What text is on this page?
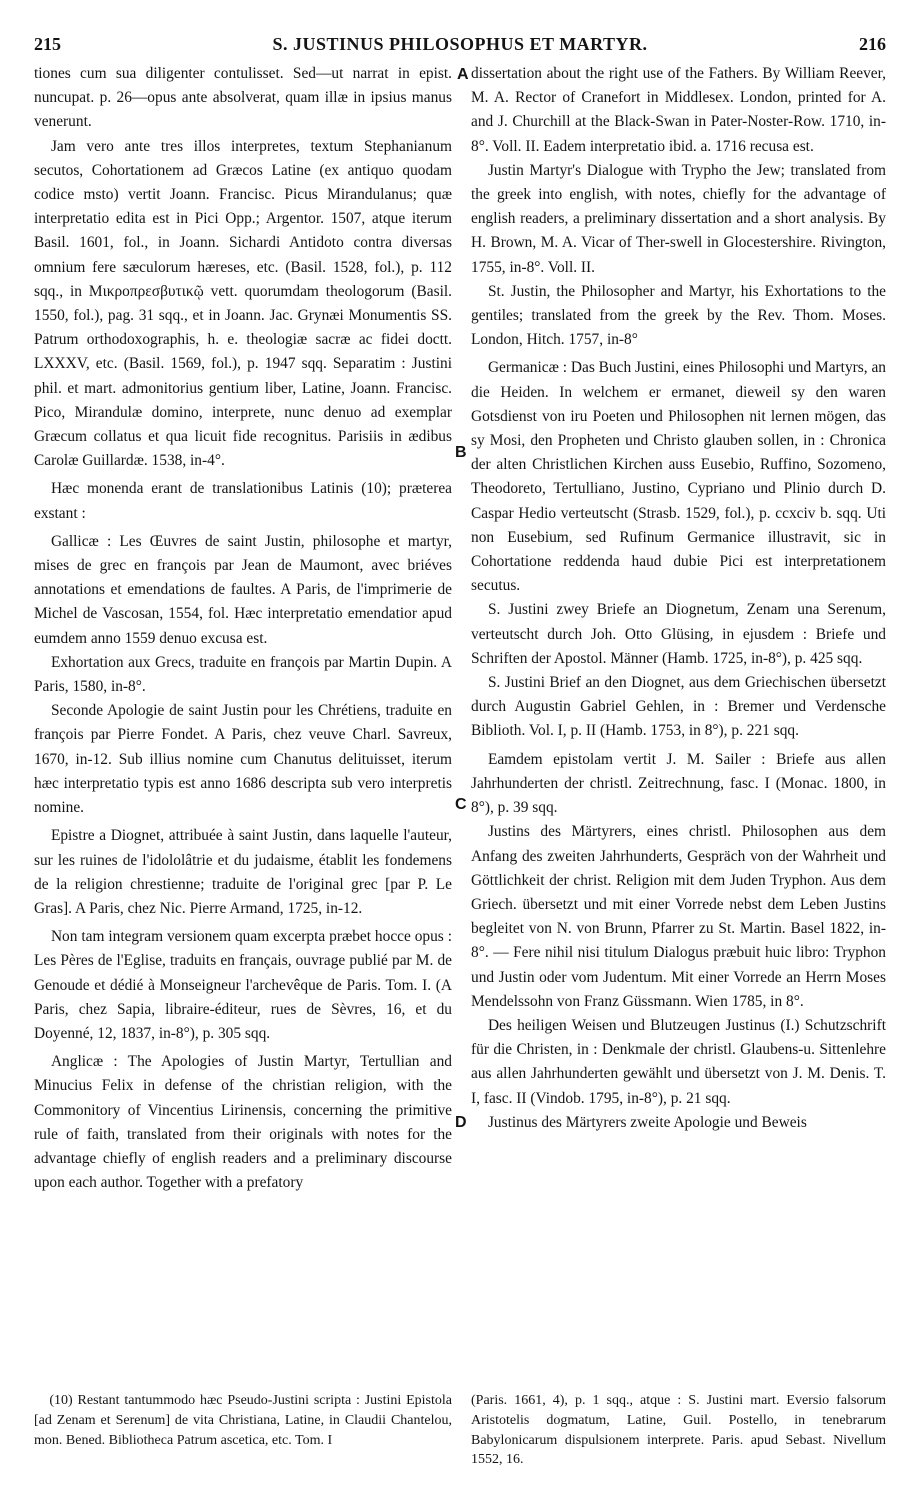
215	S. JUSTINUS PHILOSOPHUS ET MARTYR.	216

tiones cum sua diligenter contulisset. Sed—ut narrat in epist. nuncupat. p. 26—opus ante absolverat, quam illæ in ipsius manus venerunt.

Jam vero ante tres illos interpretes, textum Stephanianum secutos, Cohortationem ad Græcos Latine (ex antiquo quodam codice msto) vertit Joann. Francisc. Picus Mirandulanus; quæ interpretatio edita est in Pici Opp.; Argentor. 1507, atque iterum Basil. 1601, fol., in Joann. Sichardi Antidoto contra diversas omnium fere sæculorum hæreses, etc. (Basil. 1528, fol.), p. 112 sqq., in Μικροπρεσβυτικῷ vett. quorumdam theologorum (Basil. 1550, fol.), pag. 31 sqq., et in Joann. Jac. Grynæi Monumentis SS. Patrum orthodoxographis, h. e. theologiæ sacræ ac fidei doctt. LXXXV, etc. (Basil. 1569, fol.), p. 1947 sqq. Separatim : Justini phil. et mart. admonitorius gentium liber, Latine, Joann. Francisc. Pico, Mirandulæ domino, interprete, nunc denuo ad exemplar Græcum collatus et qua licuit fide recognitus. Parisiis in ædibus Carolæ Guillardæ. 1538, in-4°.

Hæc monenda erant de translationibus Latinis (10); præterea exstant :

Gallicæ : Les Œuvres de saint Justin, philosophe et martyr, mises de grec en françois par Jean de Maumont, avec briéves annotations et emendations de faultes. A Paris, de l'imprimerie de Michel de Vascosan, 1554, fol. Hæc interpretatio emendatior apud eumdem anno 1559 denuo excusa est.

Exhortation aux Grecs, traduite en françois par Martin Dupin. A Paris, 1580, in-8°.

Seconde Apologie de saint Justin pour les Chrétiens, traduite en françois par Pierre Fondet. A Paris, chez veuve Charl. Savreux, 1670, in-12. Sub illius nomine cum Chanutus delituisset, iterum hæc interpretatio typis est anno 1686 descripta sub vero interpretis nomine.

Epistre a Diognet, attribuée à saint Justin, dans laquelle l'auteur, sur les ruines de l'idololâtrie et du judaisme, établit les fondemens de la religion chrestienne; traduite de l'original grec [par P. Le Gras]. A Paris, chez Nic. Pierre Armand, 1725, in-12.

Non tam integram versionem quam excerpta præbet hocce opus : Les Pères de l'Eglise, traduits en français, ouvrage publié par M. de Genoude et dédié à Monseigneur l'archevêque de Paris. Tom. I. (A Paris, chez Sapia, libraire-éditeur, rues de Sèvres, 16, et du Doyenné, 12, 1837, in-8°), p. 305 sqq.

Anglicæ : The Apologies of Justin Martyr, Tertullian and Minucius Felix in defense of the christian religion, with the Commonitory of Vincentius Lirinensis, concerning the primitive rule of faith, translated from their originals with notes for the advantage chiefly of english readers and a preliminary discourse upon each author. Together with a prefatory

A
B
C
D

dissertation about the right use of the Fathers. By William Reever, M. A. Rector of Cranefort in Middlesex. London, printed for A. and J. Churchill at the Black-Swan in Pater-Noster-Row. 1710, in-8°. Voll. II. Eadem interpretatio ibid. a. 1716 recusa est.

Justin Martyr's Dialogue with Trypho the Jew; translated from the greek into english, with notes, chiefly for the advantage of english readers, a preliminary dissertation and a short analysis. By H. Brown, M. A. Vicar of Ther-swell in Glocestershire. Rivington, 1755, in-8°. Voll. II.

St. Justin, the Philosopher and Martyr, his Exhortations to the gentiles; translated from the greek by the Rev. Thom. Moses. London, Hitch. 1757, in-8°

Germanicæ : Das Buch Justini, eines Philosophi und Martyrs, an die Heiden. In welchem er ermanet, dieweil sy den waren Gotsdienst von iru Poeten und Philosophen nit lernen mögen, das sy Mosi, den Propheten und Christo glauben sollen, in : Chronica der alten Christlichen Kirchen auss Eusebio, Ruffino, Sozomeno, Theodoreto, Tertulliano, Justino, Cypriano und Plinio durch D. Caspar Hedio verteutscht (Strasb. 1529, fol.), p. ccxciv b. sqq. Uti non Eusebium, sed Rufinum Germanice illustravit, sic in Cohortatione reddenda haud dubie Pici est interpretationem secutus.

S. Justini zwey Briefe an Diognetum, Zenam una Serenum, verteutscht durch Joh. Otto Glüsing, in ejusdem : Briefe und Schriften der Apostol. Männer (Hamb. 1725, in-8°), p. 425 sqq.

S. Justini Brief an den Diognet, aus dem Griechischen übersetzt durch Augustin Gabriel Gehlen, in : Bremer und Verdensche Biblioth. Vol. I, p. II (Hamb. 1753, in 8°), p. 221 sqq.

Eamdem epistolam vertit J. M. Sailer : Briefe aus allen Jahrhunderten der christl. Zeitrechnung, fasc. I (Monac. 1800, in 8°), p. 39 sqq.

Justins des Märtyrers, eines christl. Philosophen aus dem Anfang des zweiten Jahrhunderts, Gespräch von der Wahrheit und Göttlichkeit der christ. Religion mit dem Juden Tryphon. Aus dem Griech. übersetzt und mit einer Vorrede nebst dem Leben Justins begleitet von N. von Brunn, Pfarrer zu St. Martin. Basel 1822, in-8°. — Fere nihil nisi titulum Dialogus præbuit huic libro: Tryphon und Justin oder vom Judentum. Mit einer Vorrede an Herrn Moses Mendelssohn von Franz Güssmann. Wien 1785, in 8°.

Des heiligen Weisen und Blutzeugen Justinus (I.) Schutzschrift für die Christen, in : Denkmale der christl. Glaubens-u. Sittenlehre aus allen Jahrhunderten gewählt und übersetzt von J. M. Denis. T. I, fasc. II (Vindob. 1795, in-8°), p. 21 sqq.

Justinus des Märtyrers zweite Apologie und Beweis

(10) Restant tantummodo hæc Pseudo-Justini scripta : Justini Epistola [ad Zenam et Serenum] de vita Christiana, Latine, in Claudii Chantelou, mon. Bened. Bibliotheca Patrum ascetica, etc. Tom. I

(Paris. 1661, 4), p. 1 sqq., atque : S. Justini mart. Eversio falsorum Aristotelis dogmatum, Latine, Guil. Postello, in tenebrarum Babylonicarum dispulsionem interprete. Paris. apud Sebast. Nivellum 1552, 16.
